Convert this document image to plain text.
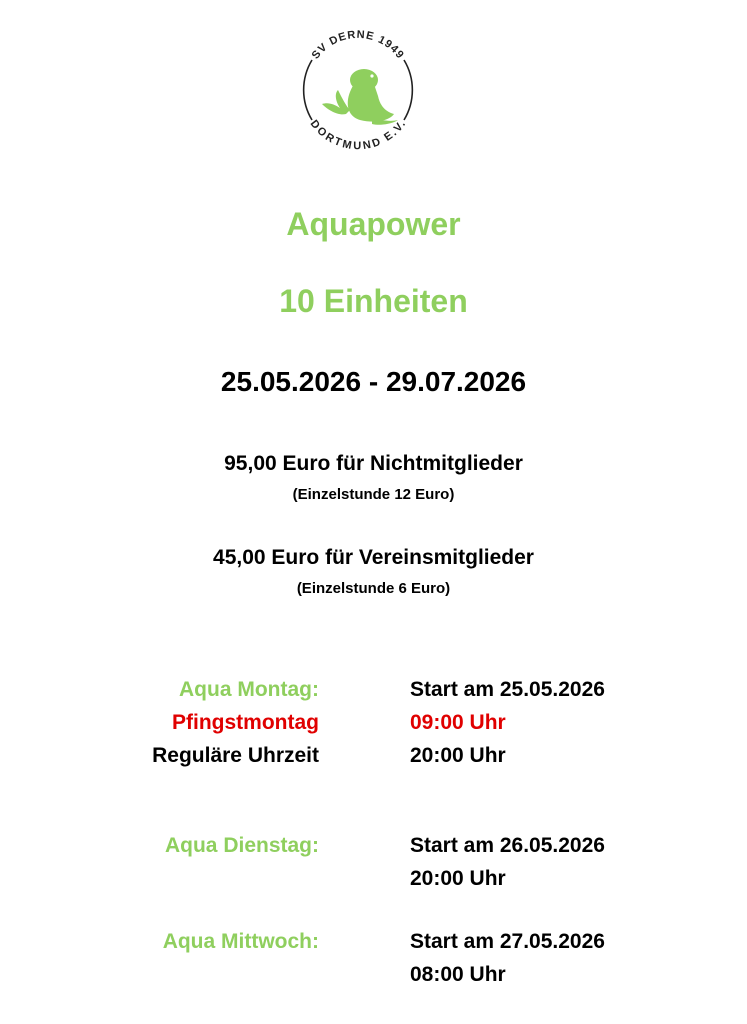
SV DERNE 1949
DORTMUND E.V.
Aquapower
10 Einheiten
25.05.2026 - 29.07.2026
95,00 Euro für Nichtmitglieder
(Einzelstunde 12 Euro)
45,00 Euro für Vereinsmitglieder
(Einzelstunde 6 Euro)
Aqua Montag:	Start am 25.05.2026
Pfingstmontag	09:00 Uhr
Reguläre Uhrzeit	20:00 Uhr
Aqua Dienstag:	Start am 26.05.2026
20:00 Uhr
Aqua Mittwoch:	Start am 27.05.2026
08:00 Uhr
